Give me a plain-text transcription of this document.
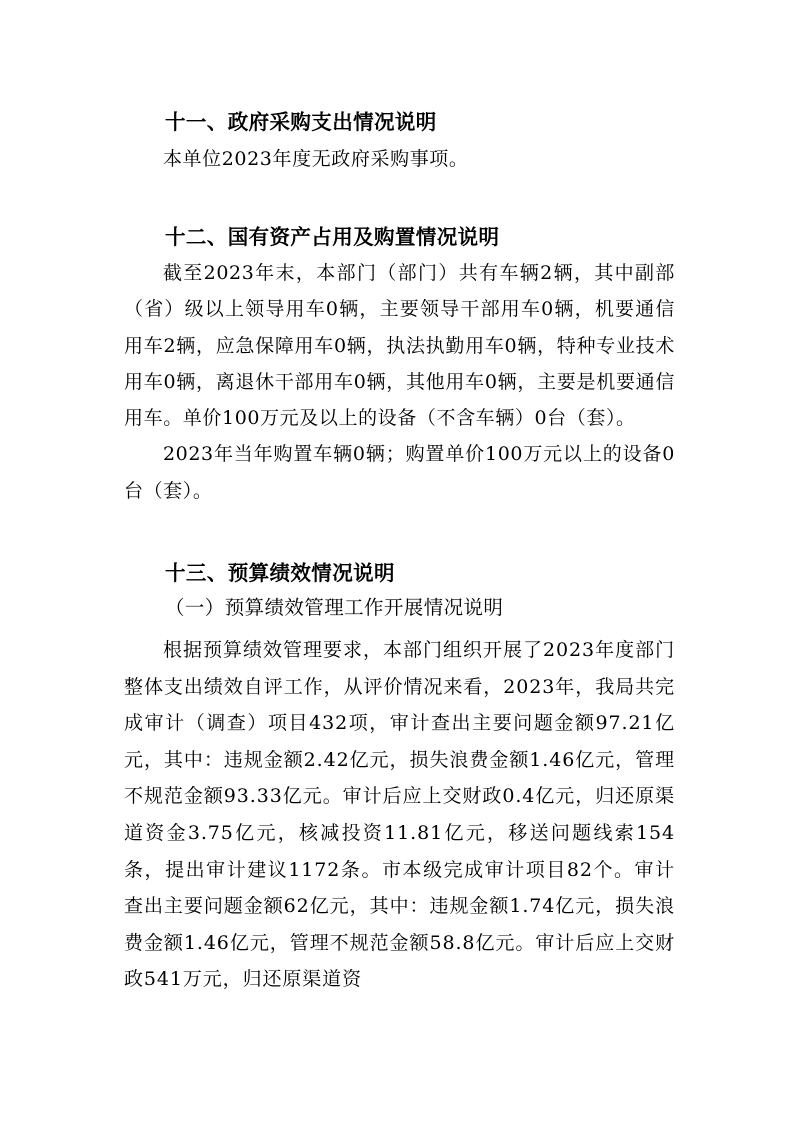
十一、政府采购支出情况说明

本单位2023年度无政府采购事项。

十二、国有资产占用及购置情况说明

截至2023年末，本部门（部门）共有车辆2辆，其中副部（省）级以上领导用车0辆，主要领导干部用车0辆，机要通信用车2辆，应急保障用车0辆，执法执勤用车0辆，特种专业技术用车0辆，离退休干部用车0辆，其他用车0辆，主要是机要通信用车。单价100万元及以上的设备（不含车辆）0台（套）。

2023年当年购置车辆0辆；购置单价100万元以上的设备0台（套）。

十三、预算绩效情况说明
（一）预算绩效管理工作开展情况说明

根据预算绩效管理要求，本部门组织开展了2023年度部门整体支出绩效自评工作，从评价情况来看，2023年，我局共完成审计（调查）项目432项，审计查出主要问题金额97.21亿元，其中：违规金额2.42亿元，损失浪费金额1.46亿元，管理不规范金额93.33亿元。审计后应上交财政0.4亿元，归还原渠道资金3.75亿元，核减投资11.81亿元，移送问题线索154条，提出审计建议1172条。市本级完成审计项目82个。审计查出主要问题金额62亿元，其中：违规金额1.74亿元，损失浪费金额1.46亿元，管理不规范金额58.8亿元。审计后应上交财政541万元，归还原渠道资
